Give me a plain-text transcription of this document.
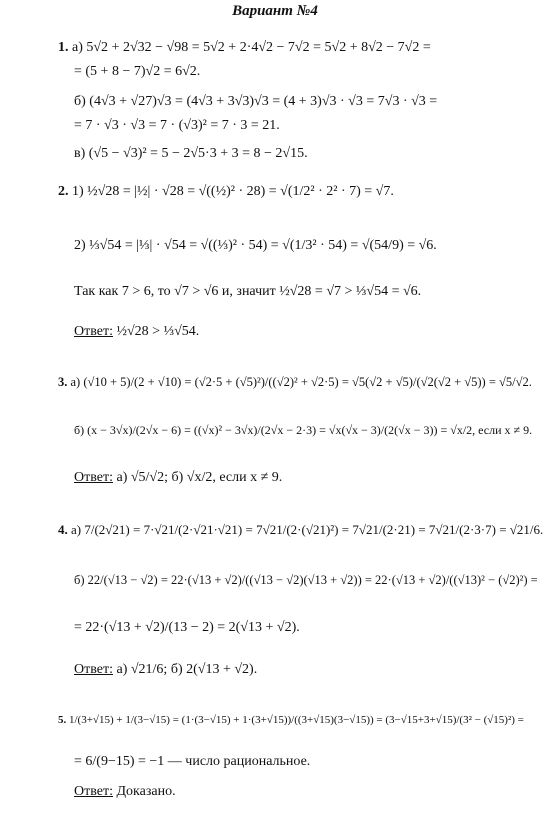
Вариант №4
1. а) 5√2 + 2√32 − √98 = 5√2 + 2·4√2 − 7√2 = 5√2 + 8√2 − 7√2 =
= (5 + 8 − 7)√2 = 6√2.
б) (4√3 + √27)√3 = (4√3 + 3√3)√3 = (4 + 3)√3 · √3 = 7√3 · √3 =
= 7 · √3 · √3 = 7 · (√3)² = 7 · 3 = 21.
в) (√5 − √3)² = 5 − 2√5·3 + 3 = 8 − 2√15.
2. 1) ½√28 = |½| · √28 = √((½)² · 28) = √(1/2² · 2² · 7) = √7.
2) ⅓√54 = |⅓| · √54 = √((⅓)² · 54) = √(1/3² · 54) = √(54/9) = √6.
Так как 7 > 6, то √7 > √6 и, значит ½√28 = √7 > ⅓√54 = √6.
Ответ: ½√28 > ⅓√54.
3. а) (√10 + 5)/(2 + √10) = (√2·5 + (√5)²)/((√2)² + √2·5) = √5(√2 + √5)/(√2(√2 + √5)) = √5/√2.
б) (x − 3√x)/(2√x − 6) = ((√x)² − 3√x)/(2√x − 2·3) = √x(√x − 3)/(2(√x − 3)) = √x/2, если x ≠ 9.
Ответ: а) √5/√2; б) √x/2, если x ≠ 9.
4. а) 7/(2√21) = 7·√21/(2·√21·√21) = 7√21/(2·(√21)²) = 7√21/(2·21) = 7√21/(2·3·7) = √21/6.
б) 22/(√13 − √2) = 22·(√13 + √2)/((√13 − √2)(√13 + √2)) = 22·(√13 + √2)/((√13)² − (√2)²) =
= 22·(√13 + √2)/(13 − 2) = 2(√13 + √2).
Ответ: а) √21/6; б) 2(√13 + √2).
5. 1/(3+√15) + 1/(3−√15) = (1·(3−√15) + 1·(3+√15))/((3+√15)(3−√15)) = (3−√15+3+√15)/(3² − (√15)²) =
= 6/(9−15) = −1 — число рациональное.
Ответ: Доказано.
